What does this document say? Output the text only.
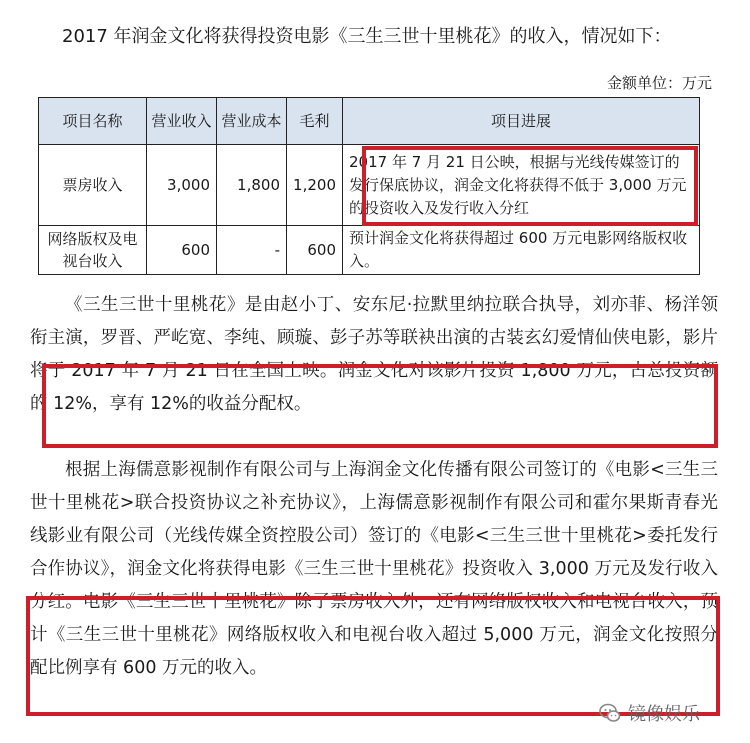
2017 年润金文化将获得投资电影《三生三世十里桃花》的收入，情况如下：
金额单位：万元
项目名称	营业收入	营业成本	毛利	项目进展
票房收入	3,000	1,800	1,200	2017 年 7 月 21 日公映，根据与光线传媒签订的发行保底协议，润金文化将获得不低于 3,000 万元的投资收入及发行收入分红
网络版权及电视台收入	600	-	600	预计润金文化将获得超过 600 万元电影网络版权收入。
《三生三世十里桃花》是由赵小丁、安东尼·拉默里纳拉联合执导，刘亦菲、杨洋领衔主演，罗晋、严屹宽、李纯、顾璇、彭子苏等联袂出演的古装玄幻爱情仙侠电影，影片将于 2017 年 7 月 21 日在全国上映。润金文化对该影片投资 1,800 万元，占总投资额的 12%，享有 12%的收益分配权。
根据上海儒意影视制作有限公司与上海润金文化传播有限公司签订的《电影<三生三世十里桃花>联合投资协议之补充协议》，上海儒意影视制作有限公司和霍尔果斯青春光线影业有限公司（光线传媒全资控股公司）签订的《电影<三生三世十里桃花>委托发行合作协议》，润金文化将获得电影《三生三世十里桃花》投资收入 3,000 万元及发行收入分红。电影《三生三世十里桃花》除了票房收入外，还有网络版权收入和电视台收入，预计《三生三世十里桃花》网络版权收入和电视台收入超过 5,000 万元，润金文化按照分配比例享有 600 万元的收入。
镜像娱乐
